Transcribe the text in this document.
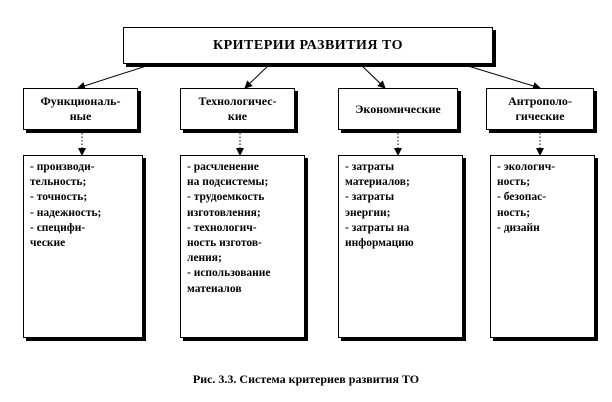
КРИТЕРИИ РАЗВИТИЯ ТО
Функциональ-
ные
Технологичес-
кие
Экономические
Антрополо-
гические
- производи-
тельность;
- точность;
- надежность;
- специфи-
ческие
- расчленение
на подсистемы;
- трудоемкость
изготовления;
- технологич-
ность изготов-
ления;
- использование
матеиалов
- затраты
материалов;
- затраты
энергии;
- затраты на
информацию
- экологич-
ность;
- безопас-
ность;
- дизайн
Рис. 3.3. Система критериев развития ТО
